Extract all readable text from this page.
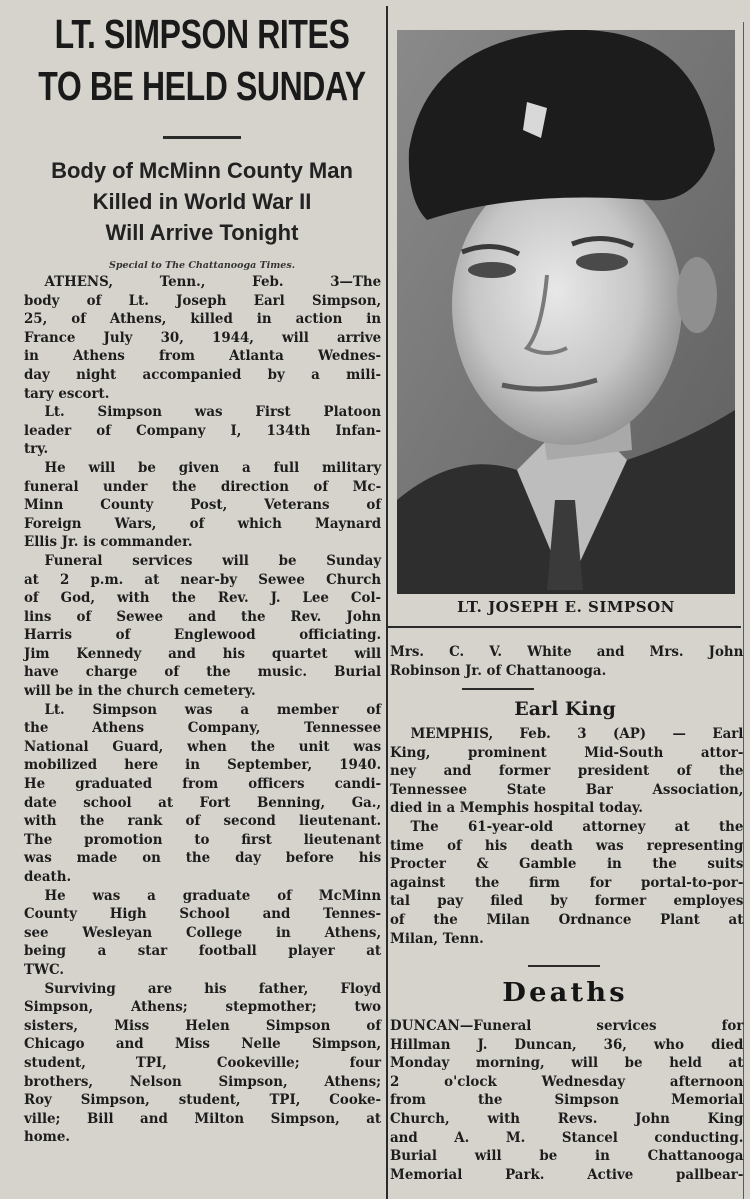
LT. SIMPSON RITES
TO BE HELD SUNDAY
Body of McMinn County Man
Killed in World War II
Will Arrive Tonight
Special to The Chattanooga Times.

ATHENS, Tenn., Feb. 3—The
body of Lt. Joseph Earl Simpson,
25, of Athens, killed in action in
France July 30, 1944, will arrive
in Athens from Atlanta Wednes-
day night accompanied by a mili-
tary escort.

Lt. Simpson was First Platoon
leader of Company I, 134th Infan-
try.

He will be given a full military
funeral under the direction of Mc-
Minn County Post, Veterans of
Foreign Wars, of which Maynard
Ellis Jr. is commander.

Funeral services will be Sunday
at 2 p.m. at near-by Sewee Church
of God, with the Rev. J. Lee Col-
lins of Sewee and the Rev. John
Harris of Englewood officiating.
Jim Kennedy and his quartet will
have charge of the music. Burial
will be in the church cemetery.

Lt. Simpson was a member of
the Athens Company, Tennessee
National Guard, when the unit was
mobilized here in September, 1940.
He graduated from officers candi-
date school at Fort Benning, Ga.,
with the rank of second lieutenant.
The promotion to first lieutenant
was made on the day before his
death.

He was a graduate of McMinn
County High School and Tennes-
see Wesleyan College in Athens,
being a star football player at
TWC.

Surviving are his father, Floyd
Simpson, Athens; stepmother; two
sisters, Miss Helen Simpson of
Chicago and Miss Nelle Simpson,
student, TPI, Cookeville; four
brothers, Nelson Simpson, Athens;
Roy Simpson, student, TPI, Cooke-
ville; Bill and Milton Simpson, at
home.

LT. JOSEPH E. SIMPSON

Mrs. C. V. White and Mrs. John
Robinson Jr. of Chattanooga.

Earl King

MEMPHIS, Feb. 3 (AP) — Earl
King, prominent Mid-South attor-
ney and former president of the
Tennessee State Bar Association,
died in a Memphis hospital today.

The 61-year-old attorney at the
time of his death was representing
Procter & Gamble in the suits
against the firm for portal-to-por-
tal pay filed by former employes
of the Milan Ordnance Plant at
Milan, Tenn.

Deaths

DUNCAN—Funeral services for
Hillman J. Duncan, 36, who died
Monday morning, will be held at
2 o'clock Wednesday afternoon
from the Simpson Memorial
Church, with Revs. John King
and A. M. Stancel conducting.
Burial will be in Chattanooga
Memorial Park. Active pallbear-
